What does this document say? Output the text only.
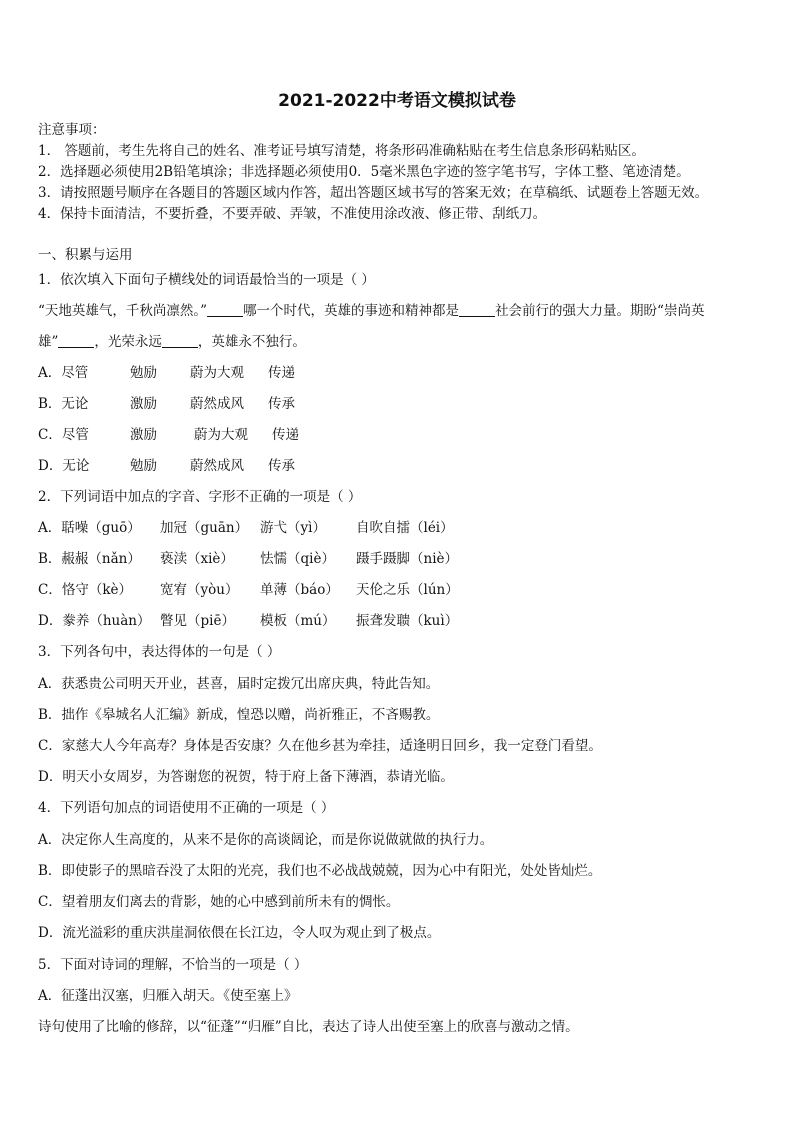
2021-2022中考语文模拟试卷
注意事项：
1． 答题前，考生先将自己的姓名、准考证号填写清楚，将条形码准确粘贴在考生信息条形码粘贴区。
2．选择题必须使用2B铅笔填涂；非选择题必须使用0．5毫米黑色字迹的签字笔书写，字体工整、笔迹清楚。
3．请按照题号顺序在各题目的答题区域内作答，超出答题区域书写的答案无效；在草稿纸、试题卷上答题无效。
4．保持卡面清洁，不要折叠，不要弄破、弄皱，不准使用涂改液、修正带、刮纸刀。
一、积累与运用
1．依次填入下面句子横线处的词语最恰当的一项是（ ）
“天地英雄气，千秋尚凛然。”	哪一个时代，英雄的事迹和精神都是	社会前行的强大力量。期盼“崇尚英
雄”	，光荣永远	，英雄永不独行。
A．尽管	勉励 蔚为大观 传递
B．无论	激励 蔚然成风 传承
C．尽管	激励	蔚为大观 传递
D．无论	勉励 蔚然成风 传承
2．下列词语中加点的字音、字形不正确的一项是（ ）
A．聒噪（guō） 加冠（guān） 游弋（yì） 自吹自擂（léi）
B．赧赧（nǎn） 亵渎（xiè） 怯懦（qiè） 蹑手蹑脚（niè）
C．恪守（kè） 宽宥（yòu） 单薄（báo） 天伦之乐（lún）
D．豢养（huàn） 瞥见（piē） 模板（mú） 振聋发聩（kuì）
3．下列各句中，表达得体的一句是（ ）
A．获悉贵公司明天开业，甚喜，届时定拨冗出席庆典，特此告知。
B．拙作《皋城名人汇编》新成，惶恐以赠，尚祈雅正，不吝赐教。
C．家慈大人今年高寿？身体是否安康？久在他乡甚为牵挂，适逢明日回乡，我一定登门看望。
D．明天小女周岁，为答谢您的祝贺，特于府上备下薄酒，恭请光临。
4．下列语句加点的词语使用不正确的一项是（ ）
A．决定你人生高度的，从来不是你的高谈阔论，而是你说做就做的执行力。
B．即使影子的黑暗吞没了太阳的光亮，我们也不必战战兢兢，因为心中有阳光，处处皆灿烂。
C．望着朋友们离去的背影，她的心中感到前所未有的惆怅。
D．流光溢彩的重庆洪崖洞依偎在长江边，令人叹为观止到了极点。
5．下面对诗词的理解，不恰当的一项是（ ）
A．征蓬出汉塞，归雁入胡天。《使至塞上》
诗句使用了比喻的修辞，以“征蓬”“归雁”自比，表达了诗人出使至塞上的欣喜与激动之情。
